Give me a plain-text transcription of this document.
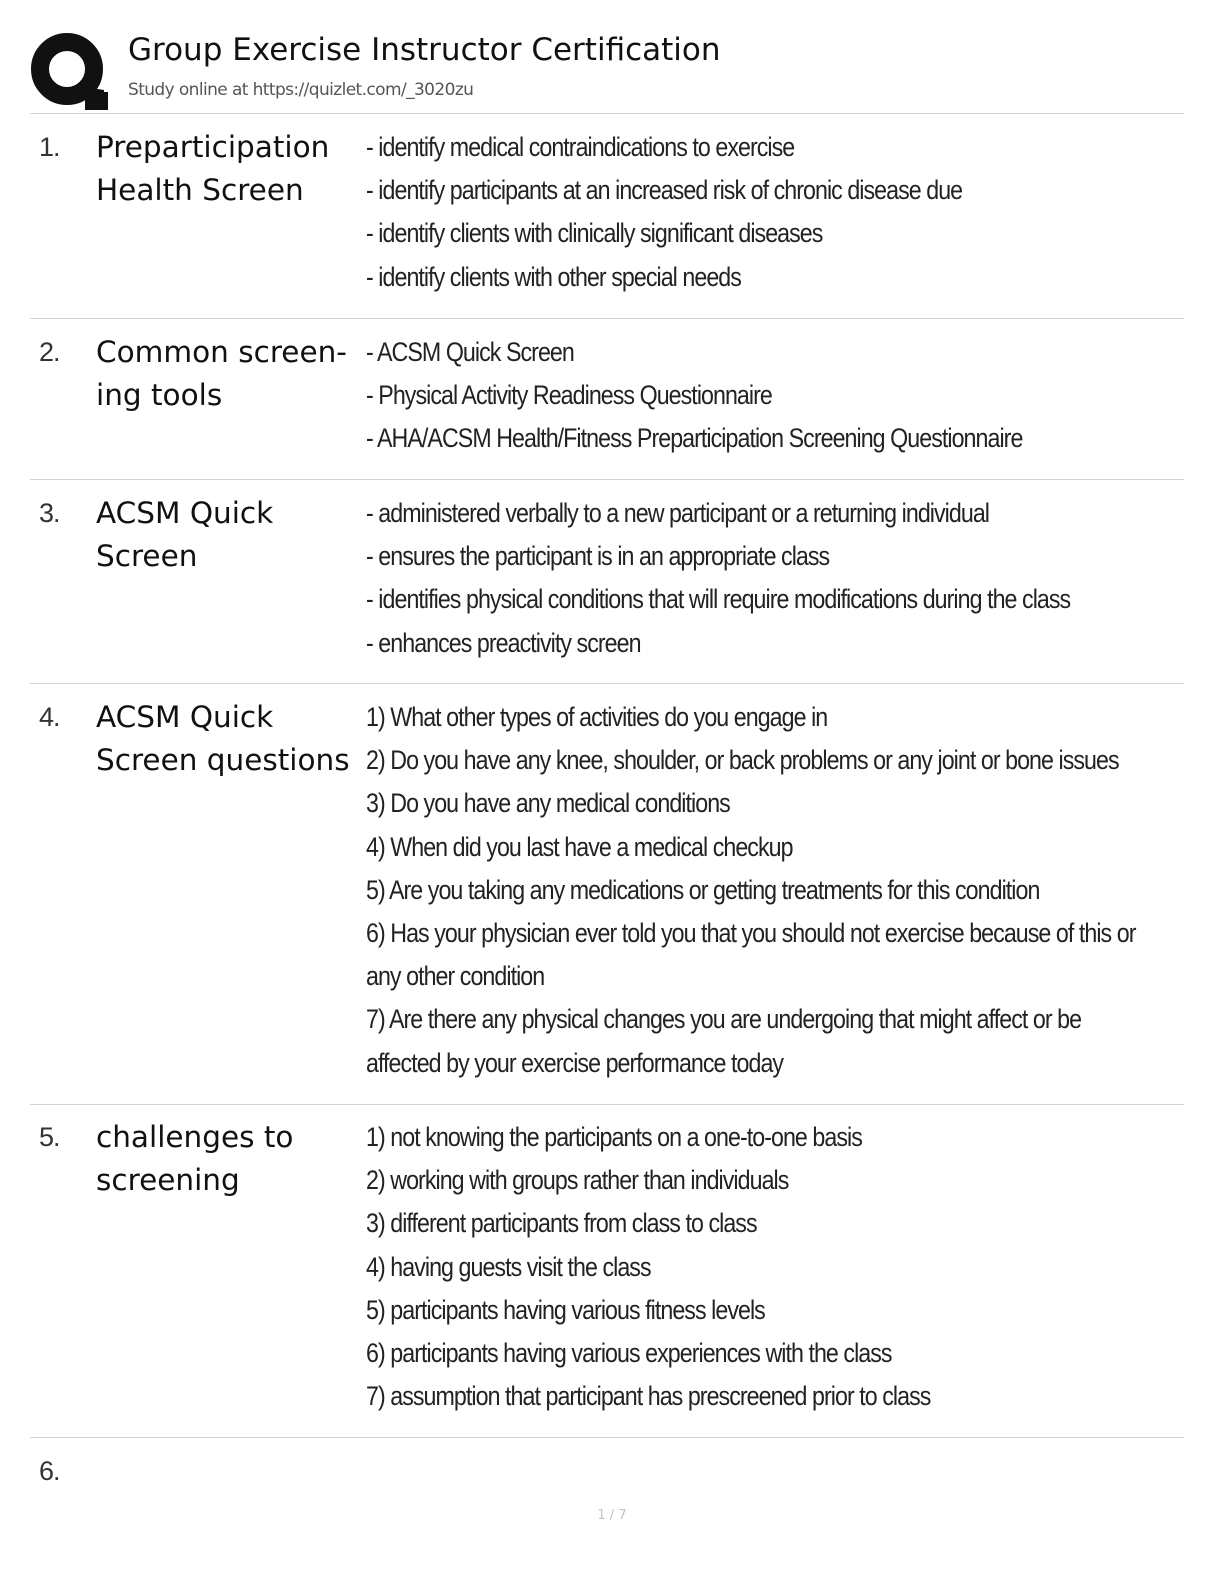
Group Exercise Instructor Certification
Study online at https://quizlet.com/_3020zu
1. Preparticipation Health Screen
- identify medical contraindications to exercise
- identify participants at an increased risk of chronic disease due
- identify clients with clinically significant diseases
- identify clients with other special needs
2. Common screen-ing tools
- ACSM Quick Screen
- Physical Activity Readiness Questionnaire
- AHA/ACSM Health/Fitness Preparticipation Screening Questionnaire
3. ACSM Quick Screen
- administered verbally to a new participant or a returning individual
- ensures the participant is in an appropriate class
- identifies physical conditions that will require modifications during the class
- enhances preactivity screen
4. ACSM Quick Screen questions
1) What other types of activities do you engage in
2) Do you have any knee, shoulder, or back problems or any joint or bone issues
3) Do you have any medical conditions
4) When did you last have a medical checkup
5) Are you taking any medications or getting treatments for this condition
6) Has your physician ever told you that you should not exercise because of this or
any other condition
7) Are there any physical changes you are undergoing that might affect or be
affected by your exercise performance today
5. challenges to screening
1) not knowing the participants on a one-to-one basis
2) working with groups rather than individuals
3) different participants from class to class
4) having guests visit the class
5) participants having various fitness levels
6) participants having various experiences with the class
7) assumption that participant has prescreened prior to class
6.
1 / 7
